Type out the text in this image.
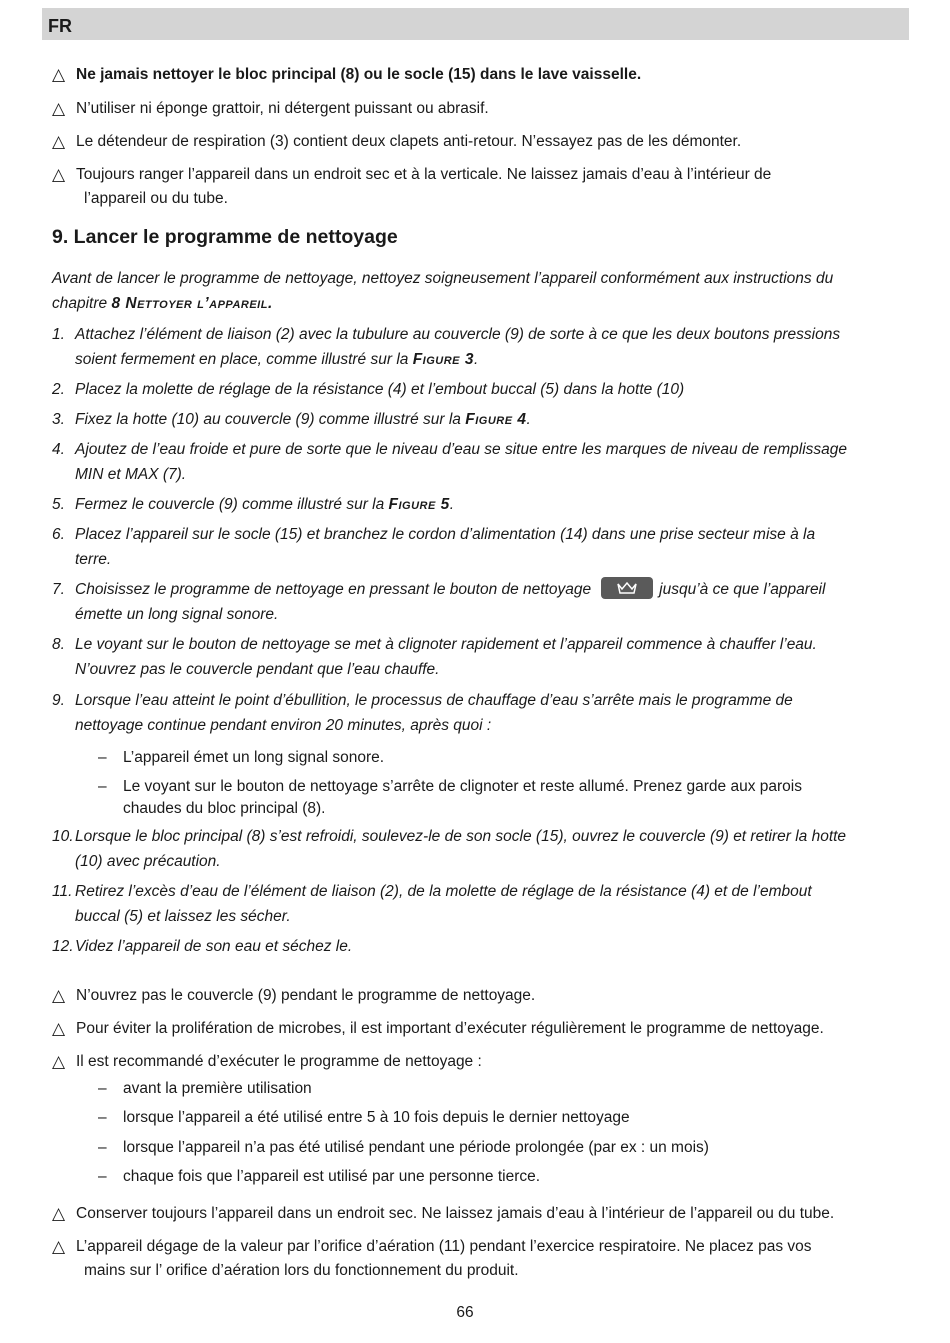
FR
△ Ne jamais nettoyer le bloc principal (8) ou le socle (15) dans le lave vaisselle.
△ N’utiliser ni éponge grattoir, ni détergent puissant ou abrasif.
△ Le détendeur de respiration (3) contient deux clapets anti-retour. N’essayez pas de les démonter.
△ Toujours ranger l’appareil dans un endroit sec et à la verticale. Ne laissez jamais d’eau à l’intérieur de
l’appareil ou du tube.
9. Lancer le programme de nettoyage
Avant de lancer le programme de nettoyage, nettoyez soigneusement l’appareil conformément aux instructions du
chapitre 8 Nettoyer l’appareil.
1. Attachez l’élément de liaison (2) avec la tubulure au couvercle (9) de sorte à ce que les deux boutons pressions
soient fermement en place, comme illustré sur la Figure 3.
2. Placez la molette de réglage de la résistance (4) et l’embout buccal (5) dans la hotte (10)
3. Fixez la hotte (10) au couvercle (9) comme illustré sur la Figure 4.
4. Ajoutez de l’eau froide et pure de sorte que le niveau d’eau se situe entre les marques de niveau de remplissage
MIN et MAX (7).
5. Fermez le couvercle (9) comme illustré sur la Figure 5.
6. Placez l’appareil sur le socle (15) et branchez le cordon d’alimentation (14) dans une prise secteur mise à la
terre.
7. Choisissez le programme de nettoyage en pressant le bouton de nettoyage	jusqu’à ce que l’appareil
émette un long signal sonore.
8. Le voyant sur le bouton de nettoyage se met à clignoter rapidement et l’appareil commence à chauffer l’eau.
N’ouvrez pas le couvercle pendant que l’eau chauffe.
9. Lorsque l’eau atteint le point d’ébullition, le processus de chauffage d’eau s’arrête mais le programme de
nettoyage continue pendant environ 20 minutes, après quoi :
–	L’appareil émet un long signal sonore.
–	Le voyant sur le bouton de nettoyage s’arrête de clignoter et reste allumé. Prenez garde aux parois
chaudes du bloc principal (8).
10. Lorsque le bloc principal (8) s’est refroidi, soulevez-le de son socle (15), ouvrez le couvercle (9) et retirer la hotte
(10) avec précaution.
11. Retirez l’excès d’eau de l’élément de liaison (2), de la molette de réglage de la résistance (4) et de l’embout
buccal (5) et laissez les sécher.
12. Videz l’appareil de son eau et séchez le.
△ N’ouvrez pas le couvercle (9) pendant le programme de nettoyage.
△ Pour éviter la prolifération de microbes, il est important d’exécuter régulièrement le programme de nettoyage.
△ Il est recommandé d’exécuter le programme de nettoyage :
–	avant la première utilisation
–	lorsque l’appareil a été utilisé entre 5 à 10 fois depuis le dernier nettoyage
–	lorsque l’appareil n’a pas été utilisé pendant une période prolongée (par ex : un mois)
–	chaque fois que l’appareil est utilisé par une personne tierce.
△ Conserver toujours l’appareil dans un endroit sec. Ne laissez jamais d’eau à l’intérieur de l’appareil ou du tube.
△ L’appareil dégage de la valeur par l’orifice d’aération (11) pendant l’exercice respiratoire. Ne placez pas vos
mains sur l’ orifice d’aération lors du fonctionnement du produit.
66
